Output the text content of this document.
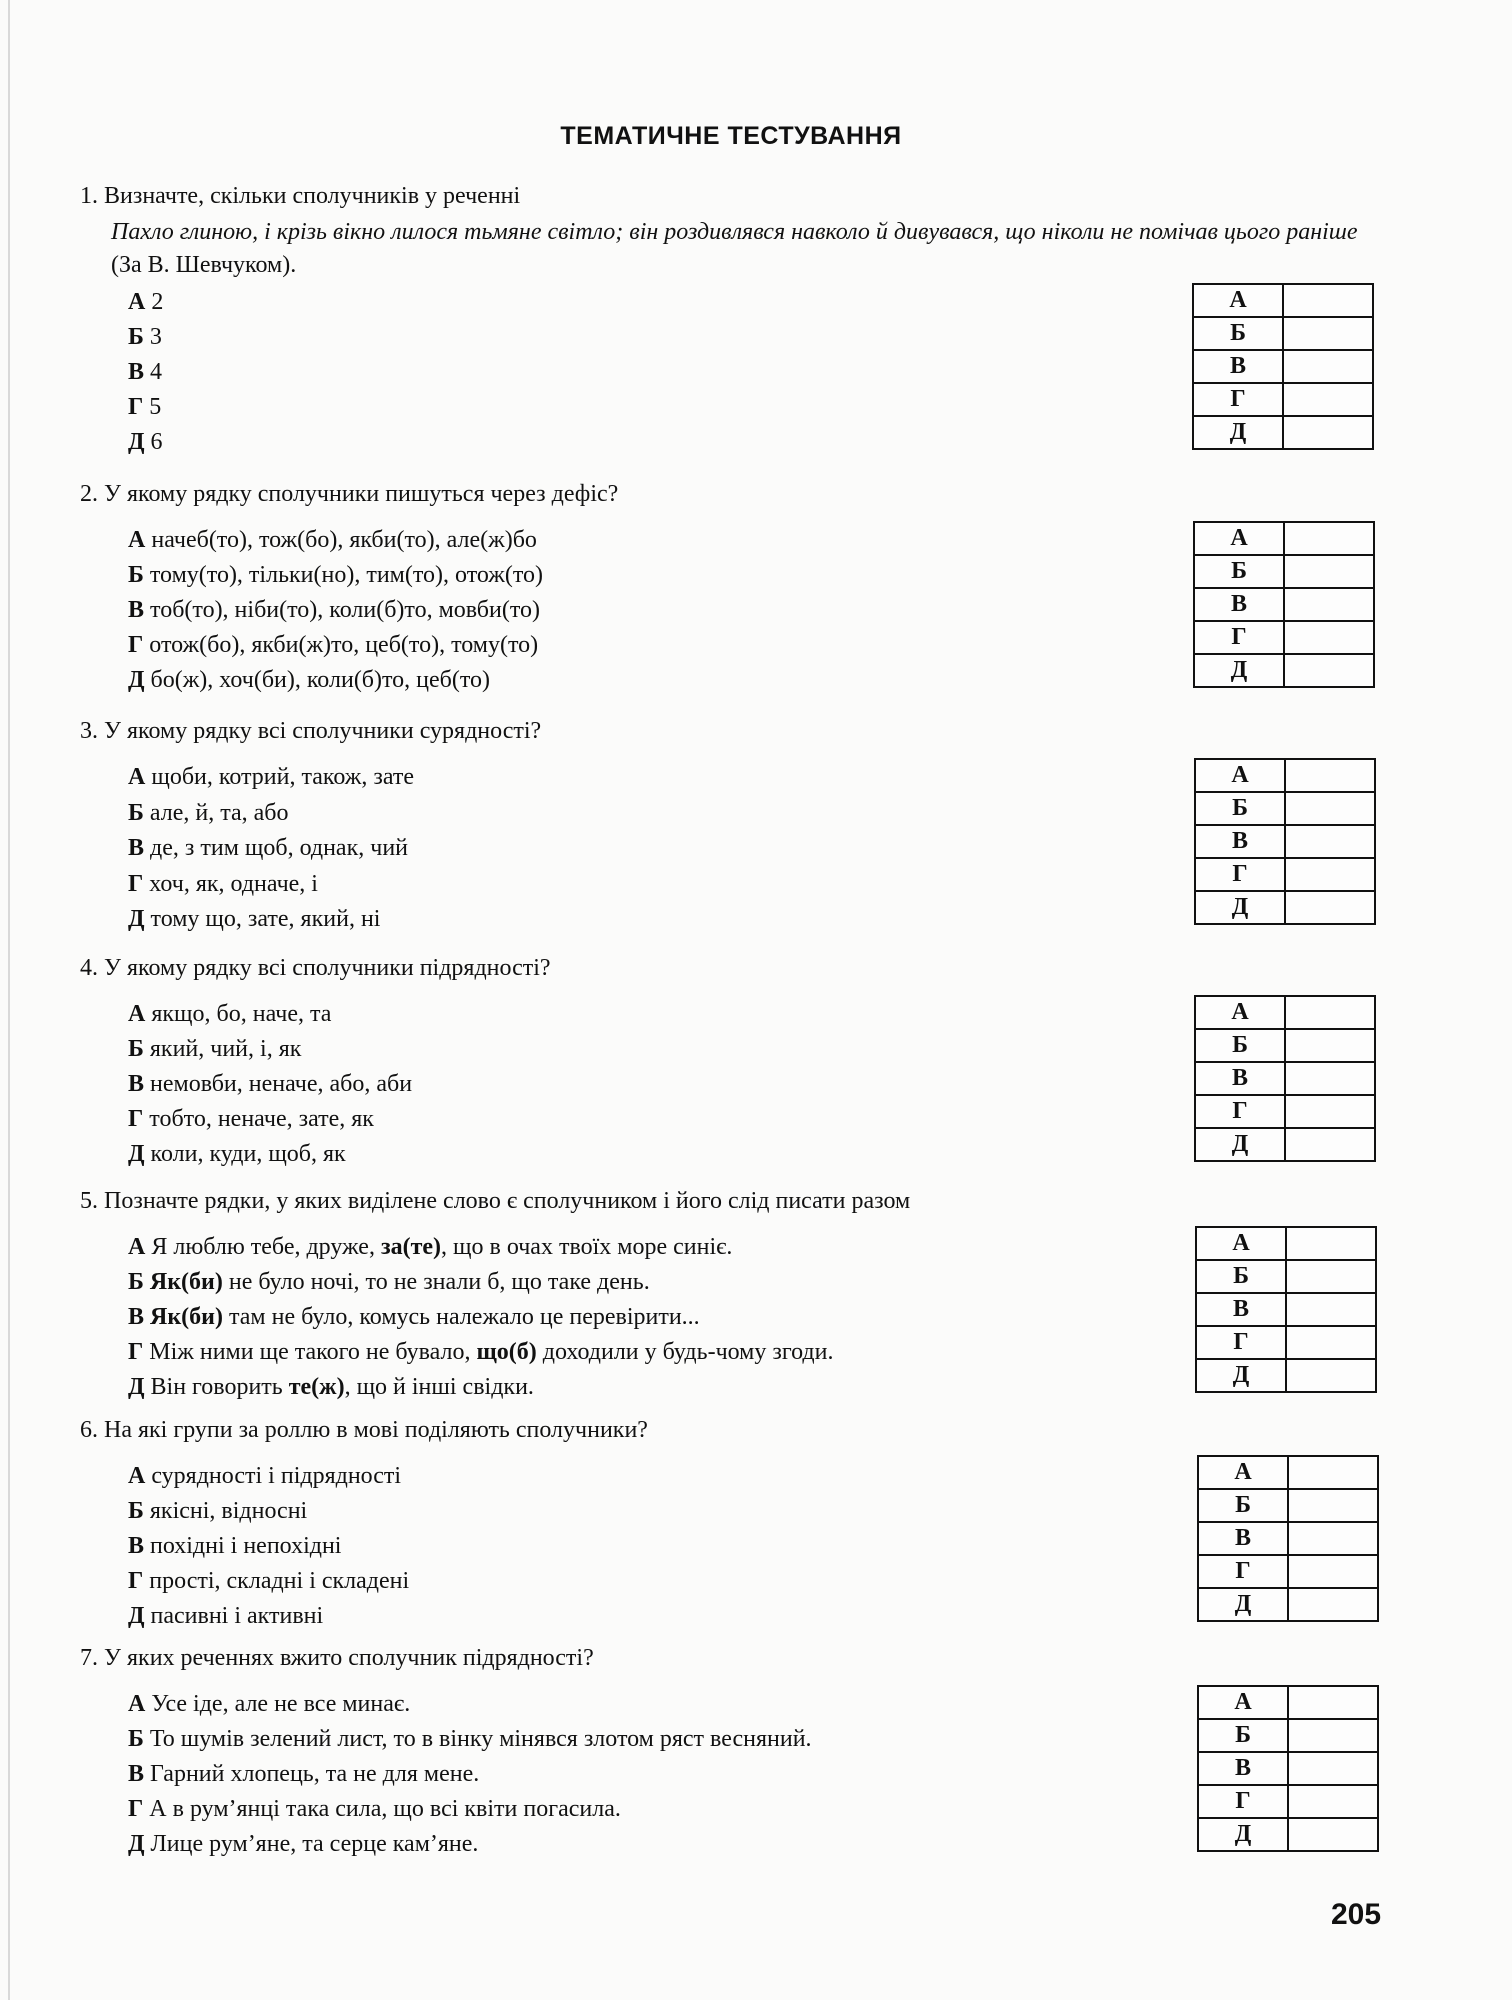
ТЕМАТИЧНЕ ТЕСТУВАННЯ
1. Визначте, скільки сполучників у реченні
Пахло глиною, і крізь вікно лилося тьмяне світло; він роздивлявся навколо й дивувався, що ніколи не помічав цього раніше (За В. Шевчуком).
А 2
Б 3
В 4
Г 5
Д 6
А	
Б	
В	
Г	
Д	
2. У якому рядку сполучники пишуться через дефіс?
А начеб(то), тож(бо), якби(то), але(ж)бо
Б тому(то), тільки(но), тим(то), отож(то)
В тоб(то), ніби(то), коли(б)то, мовби(то)
Г отож(бо), якби(ж)то, цеб(то), тому(то)
Д бо(ж), хоч(би), коли(б)то, цеб(то)
А	
Б	
В	
Г	
Д	
3. У якому рядку всі сполучники сурядності?
А щоби, котрий, також, зате
Б але, й, та, або
В де, з тим щоб, однак, чий
Г хоч, як, одначе, і
Д тому що, зате, який, ні
А	
Б	
В	
Г	
Д	
4. У якому рядку всі сполучники підрядності?
А якщо, бо, наче, та
Б який, чий, і, як
В немовби, неначе, або, аби
Г тобто, неначе, зате, як
Д коли, куди, щоб, як
А	
Б	
В	
Г	
Д	
5. Позначте рядки, у яких виділене слово є сполучником і його слід писати разом
А Я люблю тебе, друже, за(те), що в очах твоїх море синіє.
Б Як(би) не було ночі, то не знали б, що таке день.
В Як(би) там не було, комусь належало це перевірити...
Г Між ними ще такого не бувало, що(б) доходили у будь-чому згоди.
Д Він говорить те(ж), що й інші свідки.
А	
Б	
В	
Г	
Д	
6. На які групи за роллю в мові поділяють сполучники?
А сурядності і підрядності
Б якісні, відносні
В похідні і непохідні
Г прості, складні і складені
Д пасивні і активні
А	
Б	
В	
Г	
Д	
7. У яких реченнях вжито сполучник підрядності?
А Усе іде, але не все минає.
Б То шумів зелений лист, то в вінку мінявся злотом ряст весняний.
В Гарний хлопець, та не для мене.
Г А в рум’янці така сила, що всі квіти погасила.
Д Лице рум’яне, та серце кам’яне.
А	
Б	
В	
Г	
Д	
205
